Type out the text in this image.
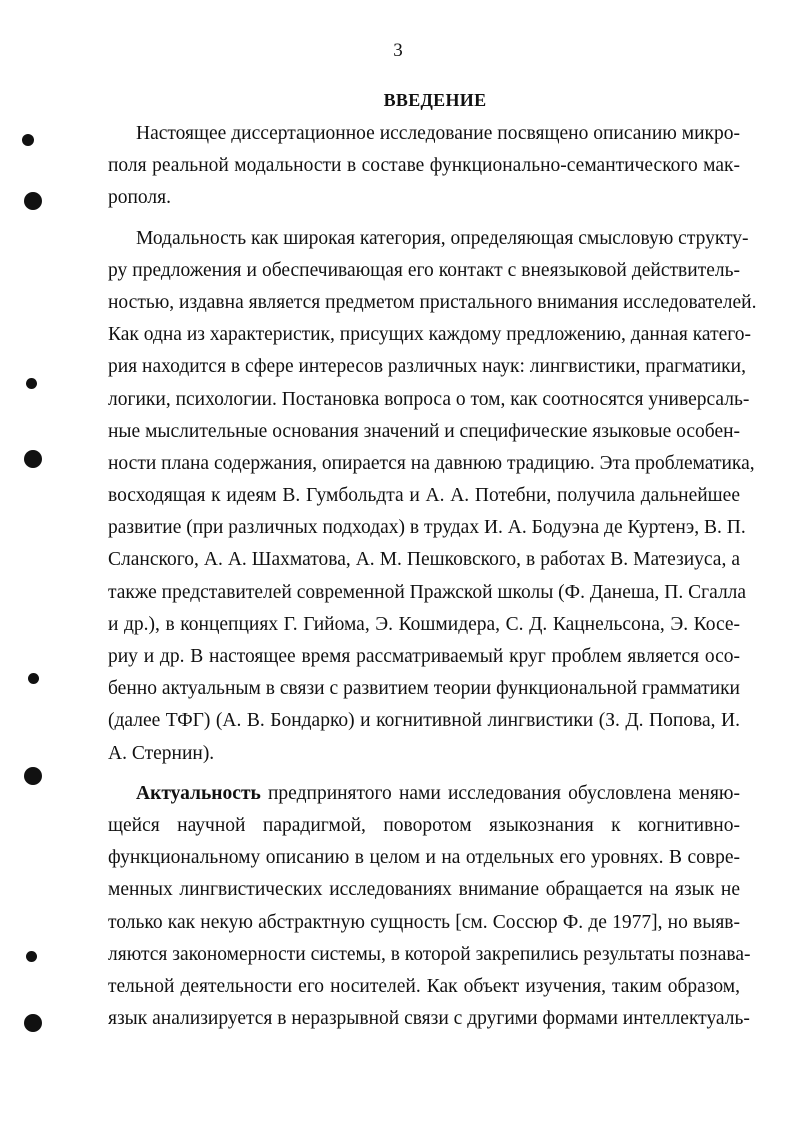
3
ВВЕДЕНИЕ
Настоящее диссертационное исследование посвящено описанию микро-
поля реальной модальности в составе функционально-семантического мак-
рополя.
Модальность как широкая категория, определяющая смысловую структу-
ру предложения и обеспечивающая его контакт с внеязыковой действитель-
ностью, издавна является предметом пристального внимания исследователей.
Как одна из характеристик, присущих каждому предложению, данная катего-
рия находится в сфере интересов различных наук: лингвистики, прагматики,
логики, психологии. Постановка вопроса о том, как соотносятся универсаль-
ные мыслительные основания значений и специфические языковые особен-
ности плана содержания, опирается на давнюю традицию. Эта проблематика,
восходящая к идеям В. Гумбольдта и А. А. Потебни, получила дальнейшее
развитие (при различных подходах) в трудах И. А. Бодуэна де Куртенэ, В. П.
Сланского, А. А. Шахматова, А. М. Пешковского, в работах В. Матезиуса, а
также представителей современной Пражской школы (Ф. Данеша, П. Сгалла
и др.), в концепциях Г. Гийома, Э. Кошмидера, С. Д. Кацнельсона, Э. Косе-
риу и др. В настоящее время рассматриваемый круг проблем является осо-
бенно актуальным в связи с развитием теории функциональной грамматики
(далее ТФГ) (А. В. Бондарко) и когнитивной лингвистики (З. Д. Попова, И.
А. Стернин).
Актуальность предпринятого нами исследования обусловлена меняю-
щейся научной парадигмой, поворотом языкознания к когнитивно-
функциональному описанию в целом и на отдельных его уровнях. В совре-
менных лингвистических исследованиях внимание обращается на язык не
только как некую абстрактную сущность [см. Соссюр Ф. де 1977], но выяв-
ляются закономерности системы, в которой закрепились результаты познава-
тельной деятельности его носителей. Как объект изучения, таким образом,
язык анализируется в неразрывной связи с другими формами интеллектуаль-
